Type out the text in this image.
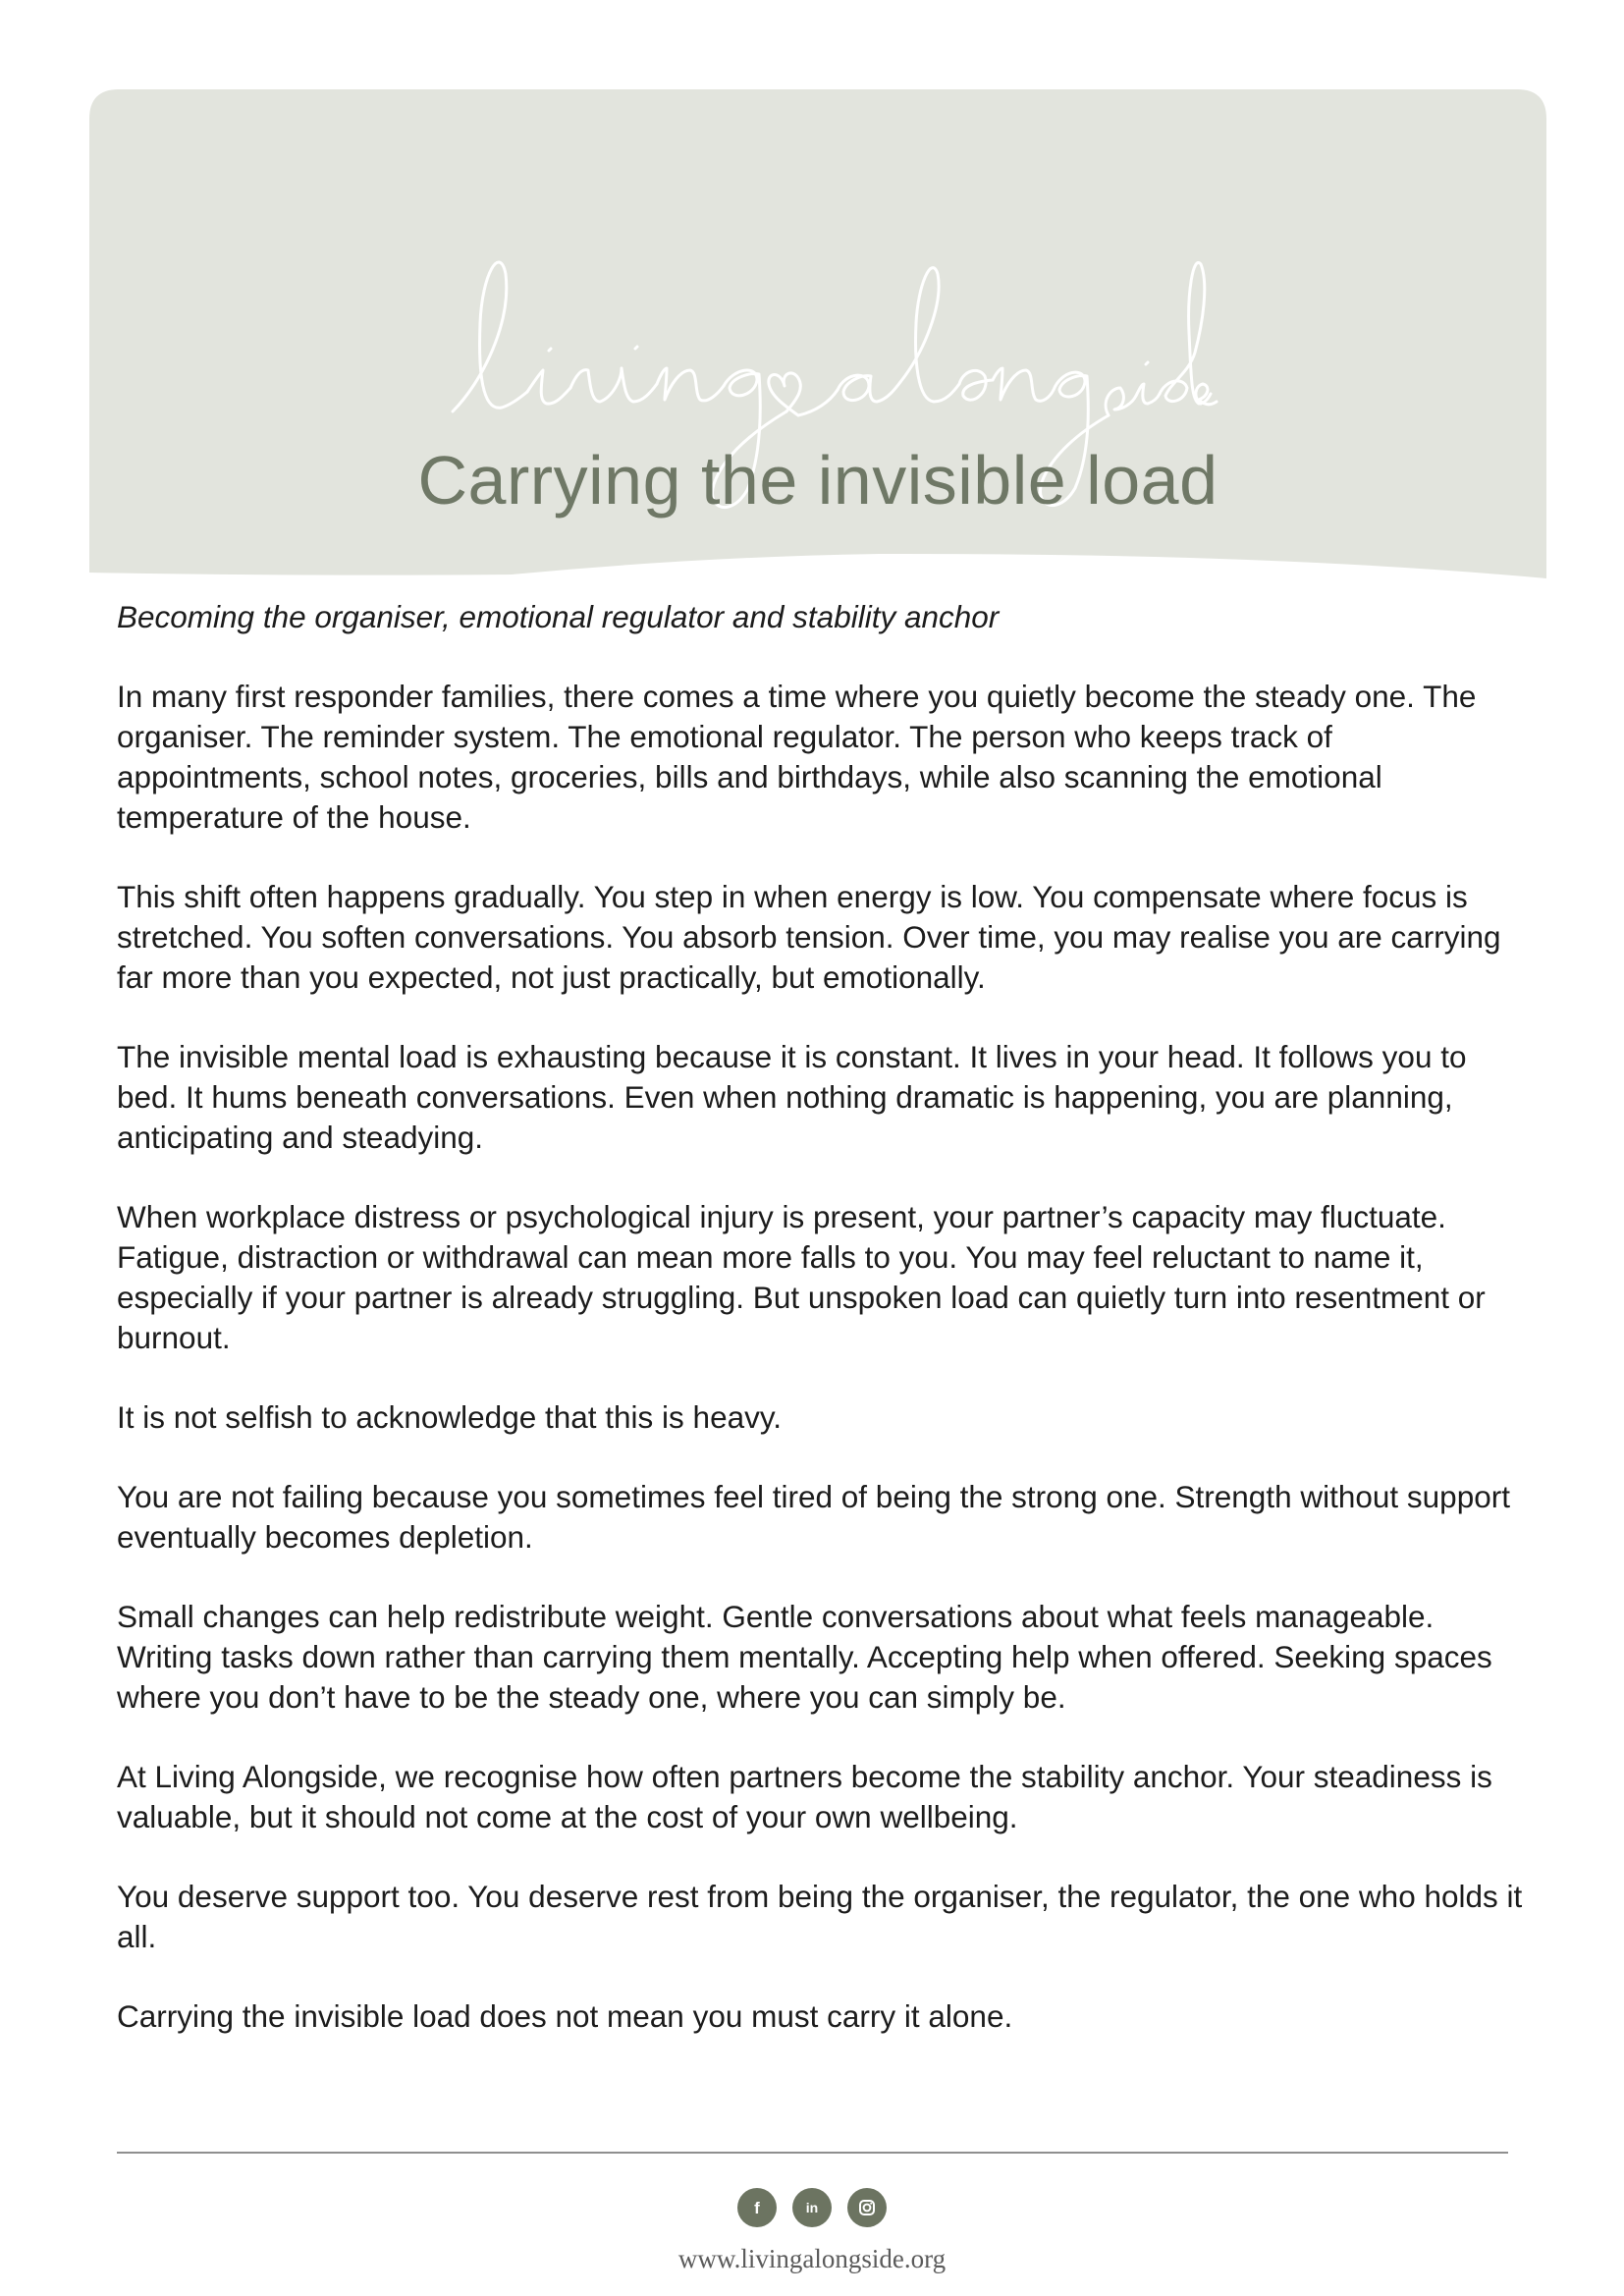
Carrying the invisible load

Becoming the organiser, emotional regulator and stability anchor

In many first responder families, there comes a time where you quietly become the steady one. The organiser. The reminder system. The emotional regulator. The person who keeps track of appointments, school notes, groceries, bills and birthdays, while also scanning the emotional temperature of the house.

This shift often happens gradually. You step in when energy is low. You compensate where focus is stretched. You soften conversations. You absorb tension. Over time, you may realise you are carrying far more than you expected, not just practically, but emotionally.

The invisible mental load is exhausting because it is constant. It lives in your head. It follows you to bed. It hums beneath conversations. Even when nothing dramatic is happening, you are planning, anticipating and steadying.

When workplace distress or psychological injury is present, your partner’s capacity may fluctuate. Fatigue, distraction or withdrawal can mean more falls to you. You may feel reluctant to name it, especially if your partner is already struggling. But unspoken load can quietly turn into resentment or burnout.

It is not selfish to acknowledge that this is heavy.

You are not failing because you sometimes feel tired of being the strong one. Strength without support eventually becomes depletion.

Small changes can help redistribute weight. Gentle conversations about what feels manageable. Writing tasks down rather than carrying them mentally. Accepting help when offered. Seeking spaces where you don’t have to be the steady one, where you can simply be.

At Living Alongside, we recognise how often partners become the stability anchor. Your steadiness is valuable, but it should not come at the cost of your own wellbeing.

You deserve support too. You deserve rest from being the organiser, the regulator, the one who holds it all.

Carrying the invisible load does not mean you must carry it alone.

f	in
www.livingalongside.org
